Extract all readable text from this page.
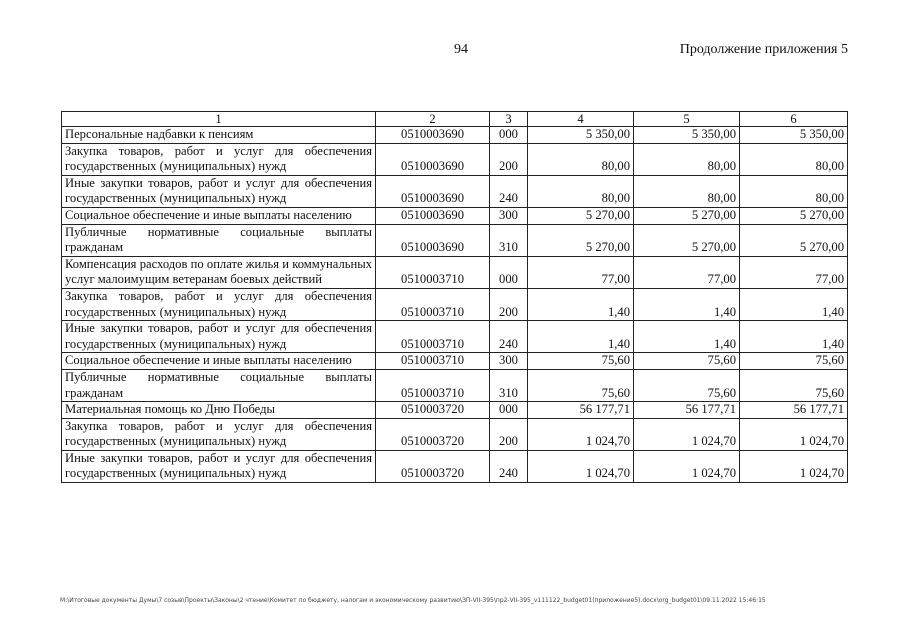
94	Продолжение приложения 5
1	2	3	4	5	6
Персональные надбавки к пенсиям	0510003690	000	5 350,00	5 350,00	5 350,00
Закупка товаров, работ и услуг для обеспечения государственных (муниципальных) нужд	0510003690	200	80,00	80,00	80,00
Иные закупки товаров, работ и услуг для обеспечения государственных (муниципальных) нужд	0510003690	240	80,00	80,00	80,00
Социальное обеспечение и иные выплаты населению	0510003690	300	5 270,00	5 270,00	5 270,00
Публичные нормативные социальные выплаты гражданам	0510003690	310	5 270,00	5 270,00	5 270,00
Компенсация расходов по оплате жилья и коммунальных услуг малоимущим ветеранам боевых действий	0510003710	000	77,00	77,00	77,00
Закупка товаров, работ и услуг для обеспечения государственных (муниципальных) нужд	0510003710	200	1,40	1,40	1,40
Иные закупки товаров, работ и услуг для обеспечения государственных (муниципальных) нужд	0510003710	240	1,40	1,40	1,40
Социальное обеспечение и иные выплаты населению	0510003710	300	75,60	75,60	75,60
Публичные нормативные социальные выплаты гражданам	0510003710	310	75,60	75,60	75,60
Материальная помощь ко Дню Победы	0510003720	000	56 177,71	56 177,71	56 177,71
Закупка товаров, работ и услуг для обеспечения государственных (муниципальных) нужд	0510003720	200	1 024,70	1 024,70	1 024,70
Иные закупки товаров, работ и услуг для обеспечения государственных (муниципальных) нужд	0510003720	240	1 024,70	1 024,70	1 024,70
M:\Итоговые документы Думы\7 созыв\Проекты\Законы\2 чтение\Комитет по бюджету, налогам и экономическому развитию\ЗП-VII-395\пр2-VII-395_v111122_budget01(приложение5).docx\org_budget01\09.11.2022 15:46:15
